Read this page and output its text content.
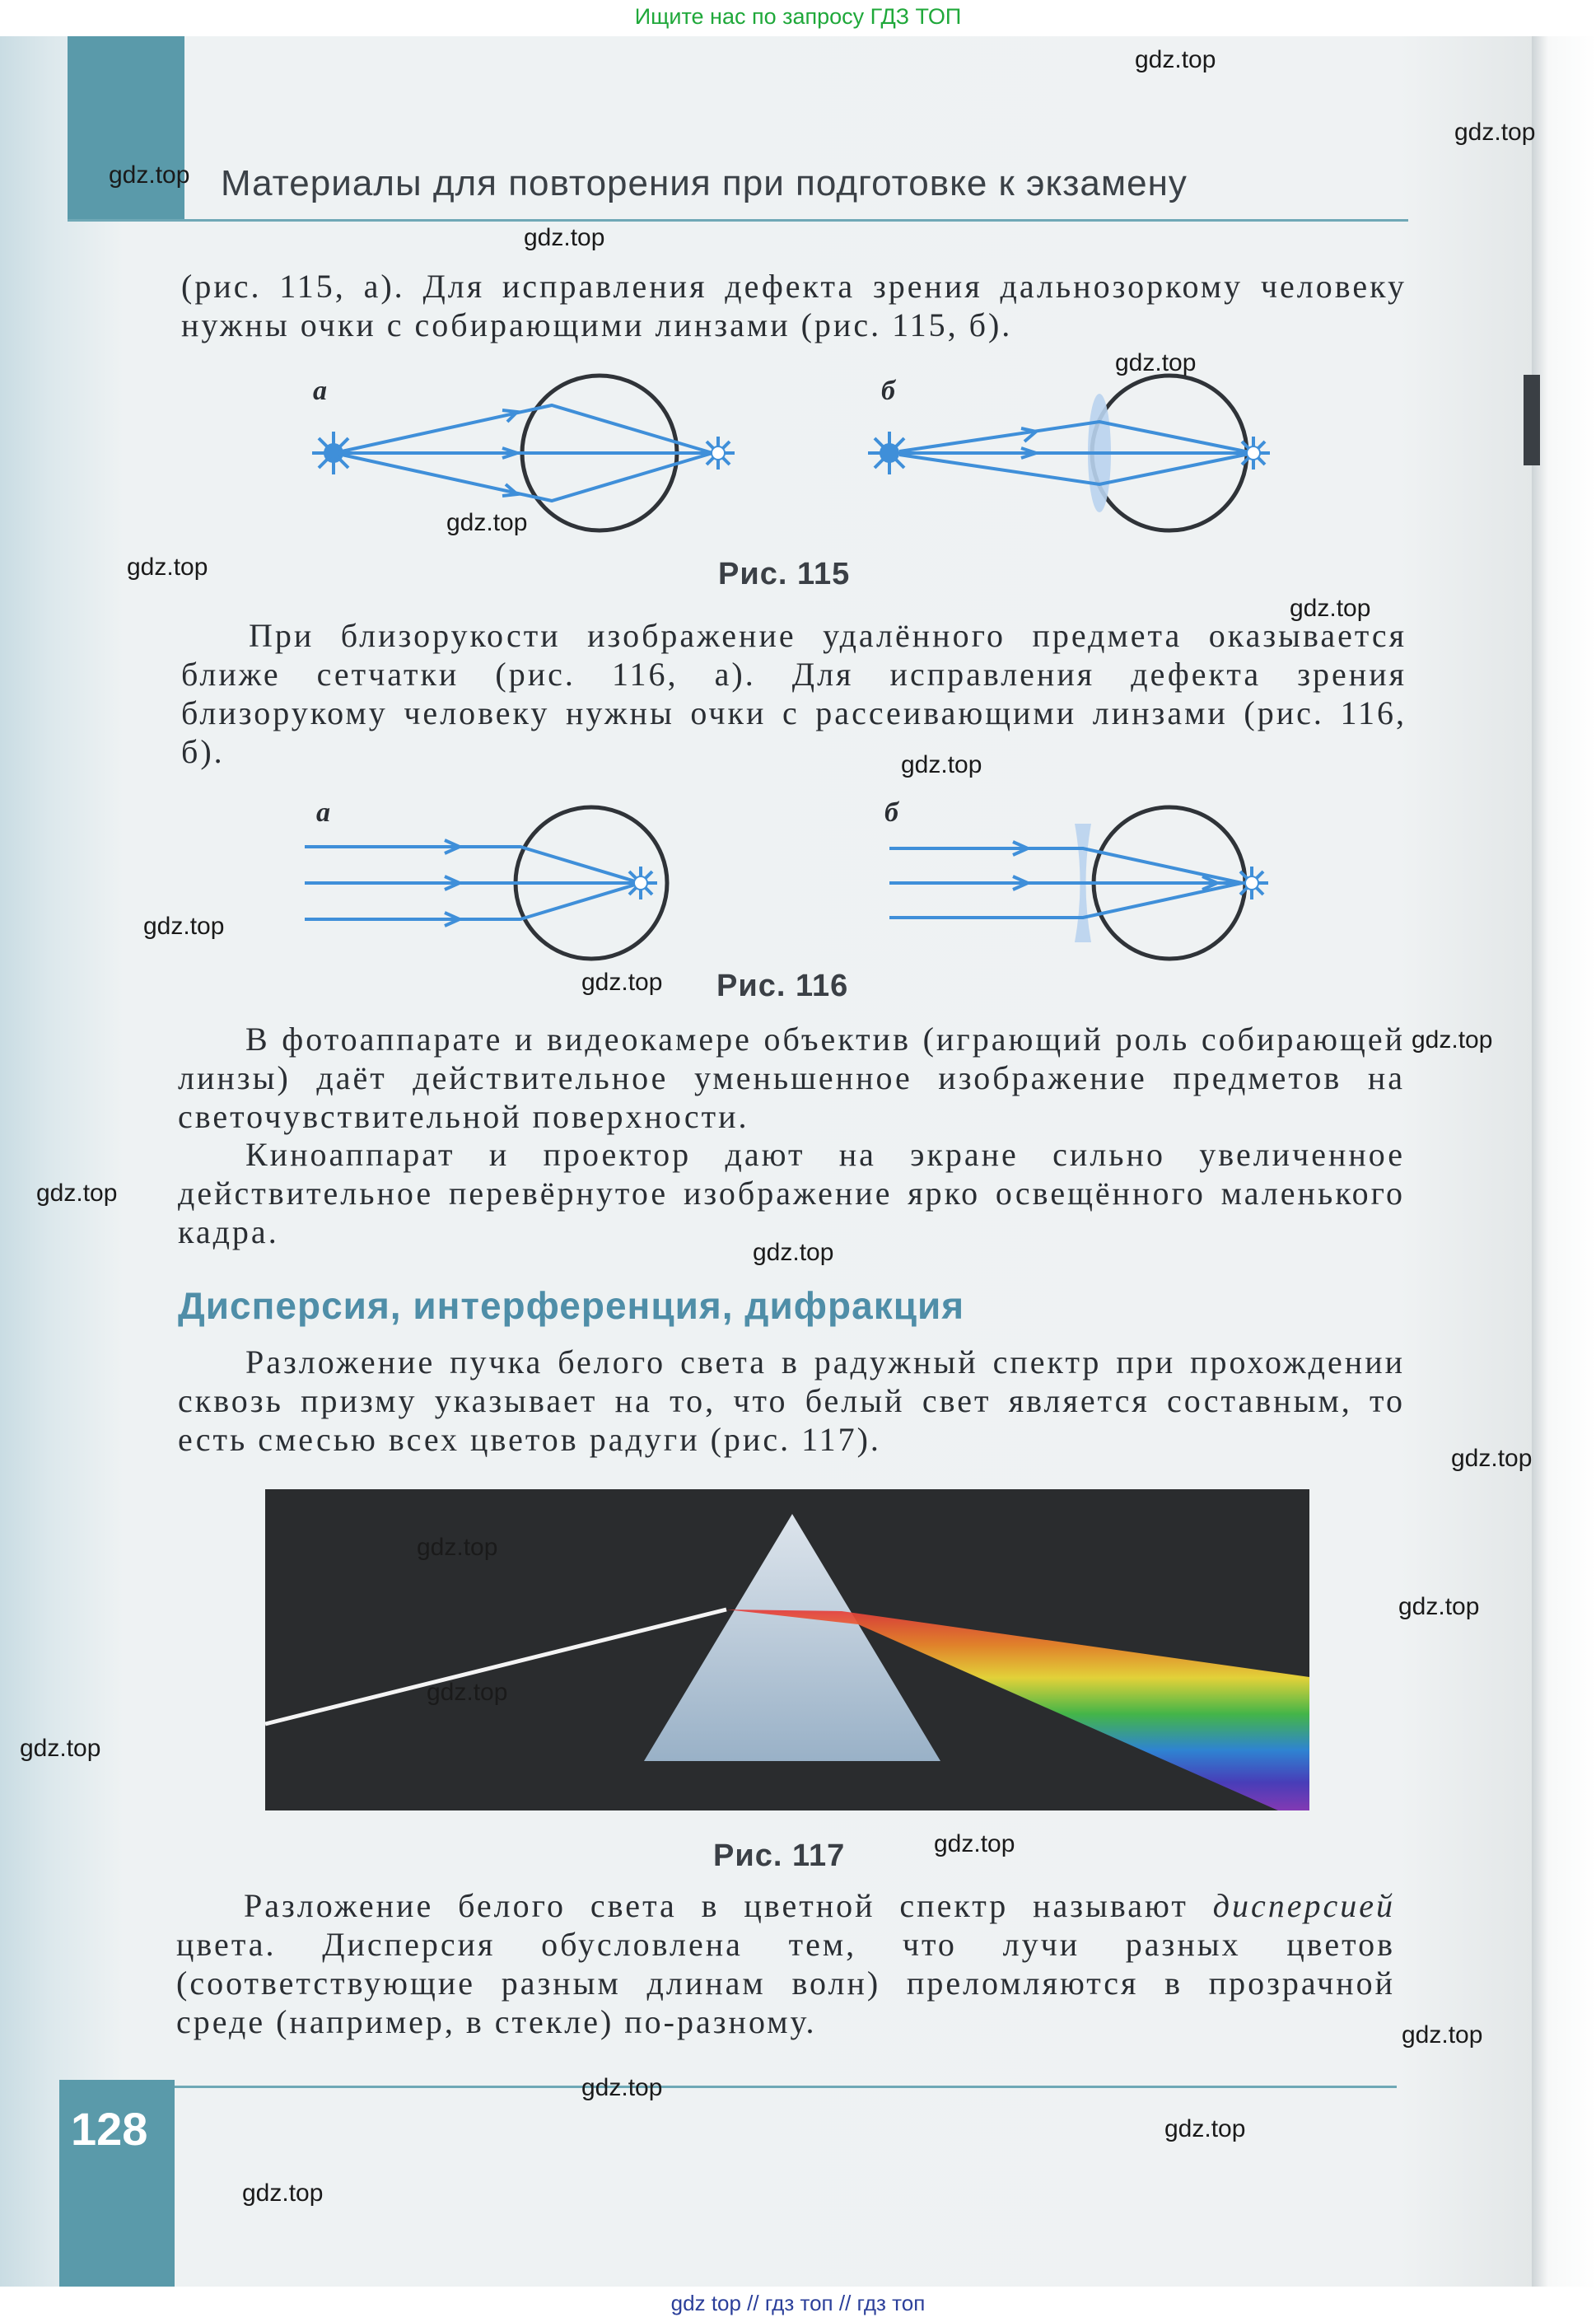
Ищите нас по запросу ГДЗ ТОП
Материалы для повторения при подготовке к экзамену

(рис. 115, а). Для исправления дефекта зрения дальнозоркому человеку нужны очки с собирающими линзами (рис. 115, б).

а	б
Рис. 115

При близорукости изображение удалённого предмета оказывается ближе сетчатки (рис. 116, а). Для исправления дефекта зрения близорукому человеку нужны очки с рассеивающими линзами (рис. 116, б).

а	б
Рис. 116

В фотоаппарате и видеокамере объектив (играющий роль собирающей линзы) даёт действительное уменьшенное изображение предметов на светочувствительной поверхности.

Киноаппарат и проектор дают на экране сильно увеличенное действительное перевёрнутое изображение ярко освещённого маленького кадра.

Дисперсия, интерференция, дифракция

Разложение пучка белого света в радужный спектр при прохождении сквозь призму указывает на то, что белый свет является составным, то есть смесью всех цветов радуги (рис. 117).

Рис. 117

Разложение белого света в цветной спектр называют дисперсией цвета. Дисперсия обусловлена тем, что лучи разных цветов (соответствующие разным длинам волн) преломляются в прозрачной среде (например, в стекле) по-разному.

128
gdz.top
gdz.top
gdz.top
gdz.top
gdz.top
gdz.top
gdz.top
gdz.top
gdz.top
gdz.top
gdz.top
gdz.top
gdz.top
gdz.top
gdz.top
gdz.top
gdz.top
gdz.top
gdz.top
gdz.top
gdz.top
gdz.top
gdz.top
gdz.top
gdz top // гдз топ // гдз топ
